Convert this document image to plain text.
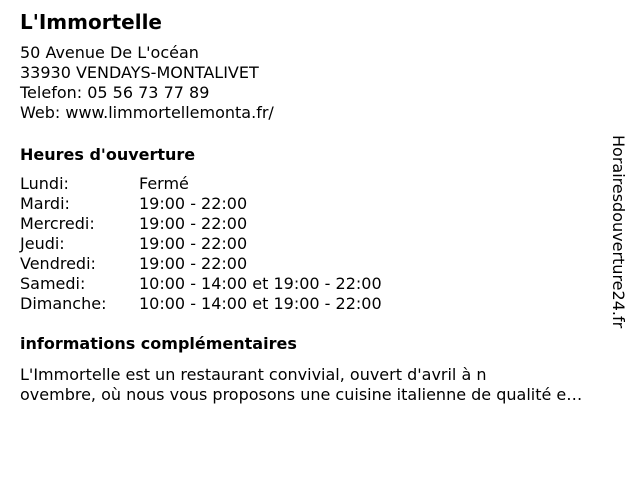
L'Immortelle
50 Avenue De L'océan
33930 VENDAYS-MONTALIVET
Telefon: 05 56 73 77 89
Web: www.limmortellemonta.fr/
Heures d'ouverture
Lundi:	Fermé
Mardi:	19:00 - 22:00
Mercredi:	19:00 - 22:00
Jeudi:	19:00 - 22:00
Vendredi:	19:00 - 22:00
Samedi:	10:00 - 14:00 et 19:00 - 22:00
Dimanche:	10:00 - 14:00 et 19:00 - 22:00
informations complémentaires
L'Immortelle est un restaurant convivial, ouvert d'avril à n
ovembre, où nous vous proposons une cuisine italienne de qualité e…
Horairesdouverture24.fr
